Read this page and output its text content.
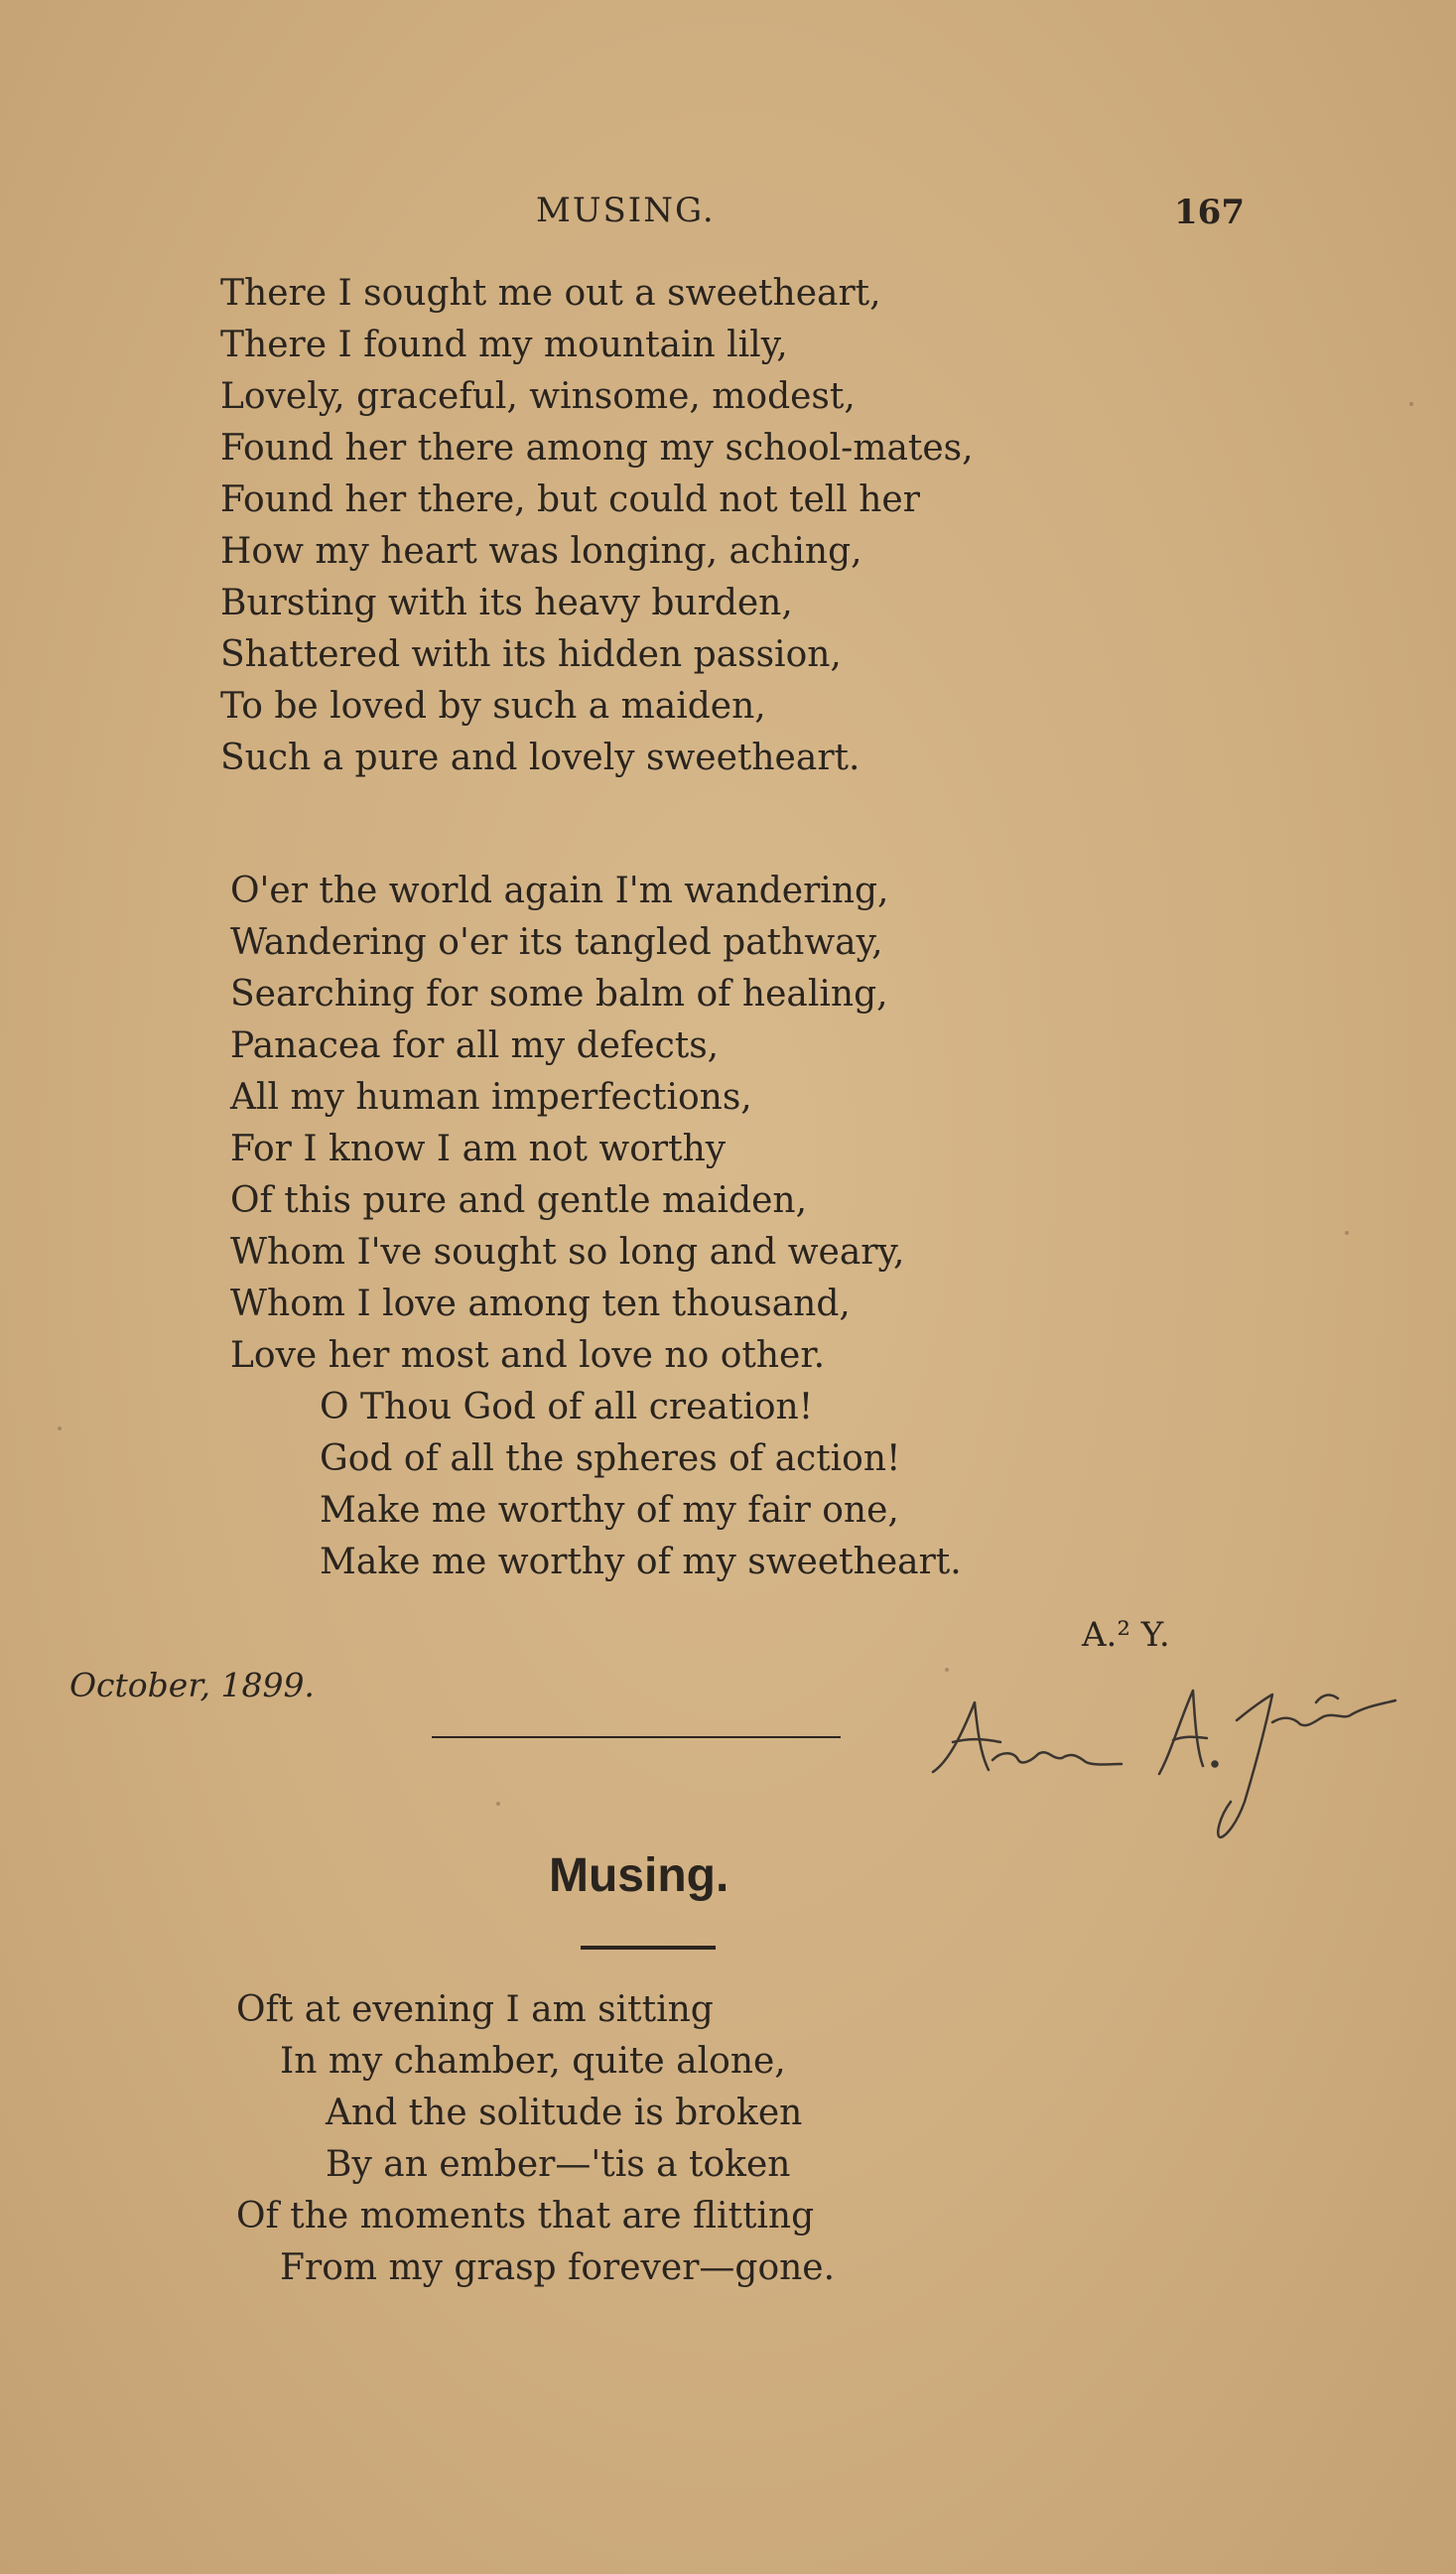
MUSING.	167
There I sought me out a sweetheart,
There I found my mountain lily,
Lovely, graceful, winsome, modest,
Found her there among my school-mates,
Found her there, but could not tell her
How my heart was longing, aching,
Bursting with its heavy burden,
Shattered with its hidden passion,
To be loved by such a maiden,
Such a pure and lovely sweetheart.
O'er the world again I'm wandering,
Wandering o'er its tangled pathway,
Searching for some balm of healing,
Panacea for all my defects,
All my human imperfections,
For I know I am not worthy
Of this pure and gentle maiden,
Whom I've sought so long and weary,
Whom I love among ten thousand,
Love her most and love no other.
O Thou God of all creation!
God of all the spheres of action!
Make me worthy of my fair one,
Make me worthy of my sweetheart.
A.² Y.
October, 1899.
Musing.
Oft at evening I am sitting
In my chamber, quite alone,
And the solitude is broken
By an ember—'tis a token
Of the moments that are flitting
From my grasp forever—gone.
